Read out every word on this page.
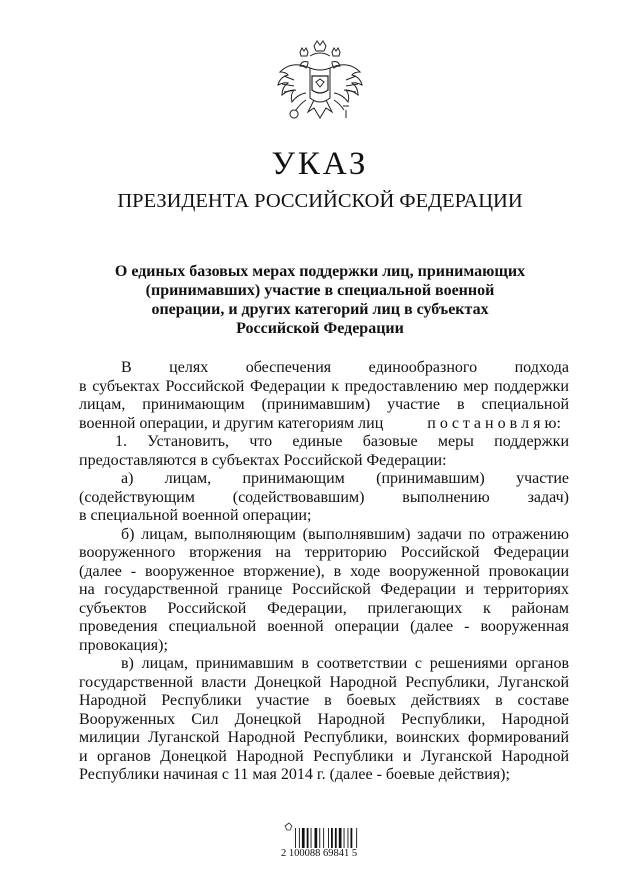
УКАЗ
ПРЕЗИДЕНТА РОССИЙСКОЙ ФЕДЕРАЦИИ
О единых базовых мерах поддержки лиц, принимающих
(принимавших) участие в специальной военной
операции, и других категорий лиц в субъектах
Российской Федерации
В целях обеспечения единообразного подхода
в субъектах Российской Федерации к предоставлению мер поддержки
лицам, принимающим (принимавшим) участие в специальной
военной операции, и другим категориям лиц	п о с т а н о в л я ю:
1. Установить, что единые базовые меры поддержки
предоставляются в субъектах Российской Федерации:
а) лицам, принимающим (принимавшим) участие
(содействующим (содействовавшим) выполнению задач)
в специальной военной операции;
б) лицам, выполняющим (выполнявшим) задачи по отражению
вооруженного вторжения на территорию Российской Федерации
(далее - вооруженное вторжение), в ходе вооруженной провокации
на государственной границе Российской Федерации и территориях
субъектов Российской Федерации, прилегающих к районам
проведения специальной военной операции (далее - вооруженная
провокация);
в) лицам, принимавшим в соответствии с решениями органов
государственной власти Донецкой Народной Республики, Луганской
Народной Республики участие в боевых действиях в составе
Вооруженных Сил Донецкой Народной Республики, Народной
милиции Луганской Народной Республики, воинских формирований
и органов Донецкой Народной Республики и Луганской Народной
Республики начиная с 11 мая 2014 г. (далее - боевые действия);
2 100088 69841 5
